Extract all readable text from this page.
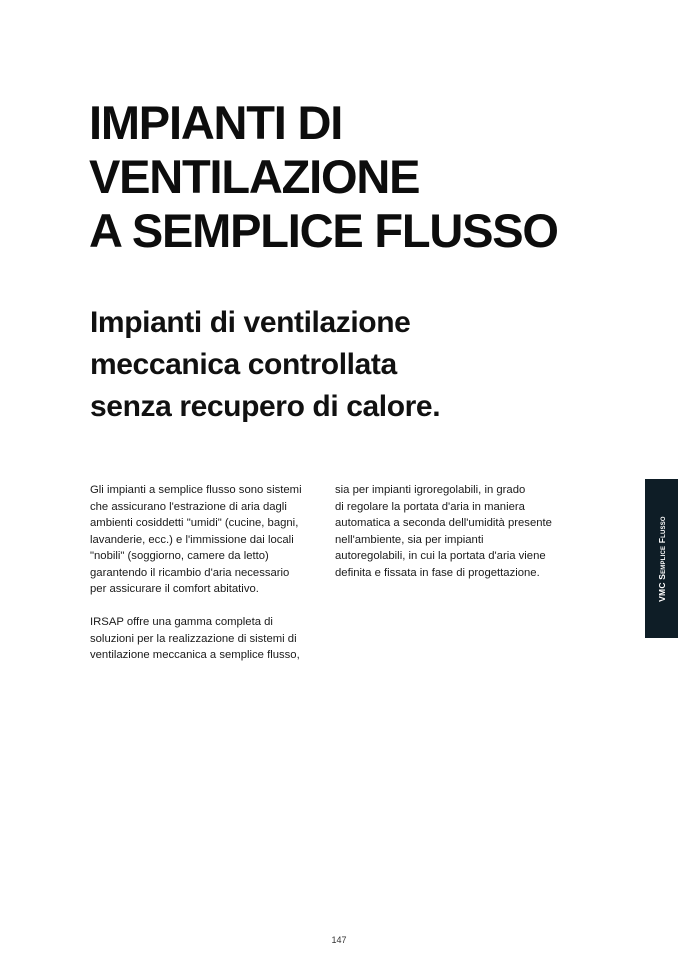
IMPIANTI DI
VENTILAZIONE
A SEMPLICE FLUSSO
Impianti di ventilazione
meccanica controllata
senza recupero di calore.

Gli impianti a semplice flusso sono sistemi
che assicurano l'estrazione di aria dagli
ambienti cosiddetti "umidi" (cucine, bagni,
lavanderie, ecc.) e l'immissione dai locali
"nobili" (soggiorno, camere da letto)
garantendo il ricambio d'aria necessario
per assicurare il comfort abitativo.

IRSAP offre una gamma completa di
soluzioni per la realizzazione di sistemi di
ventilazione meccanica a semplice flusso,

sia per impianti igroregolabili, in grado
di regolare la portata d'aria in maniera
automatica a seconda dell'umidità presente
nell'ambiente, sia per impianti
autoregolabili, in cui la portata d'aria viene
definita e fissata in fase di progettazione.	VMC Semplice Flusso
147
